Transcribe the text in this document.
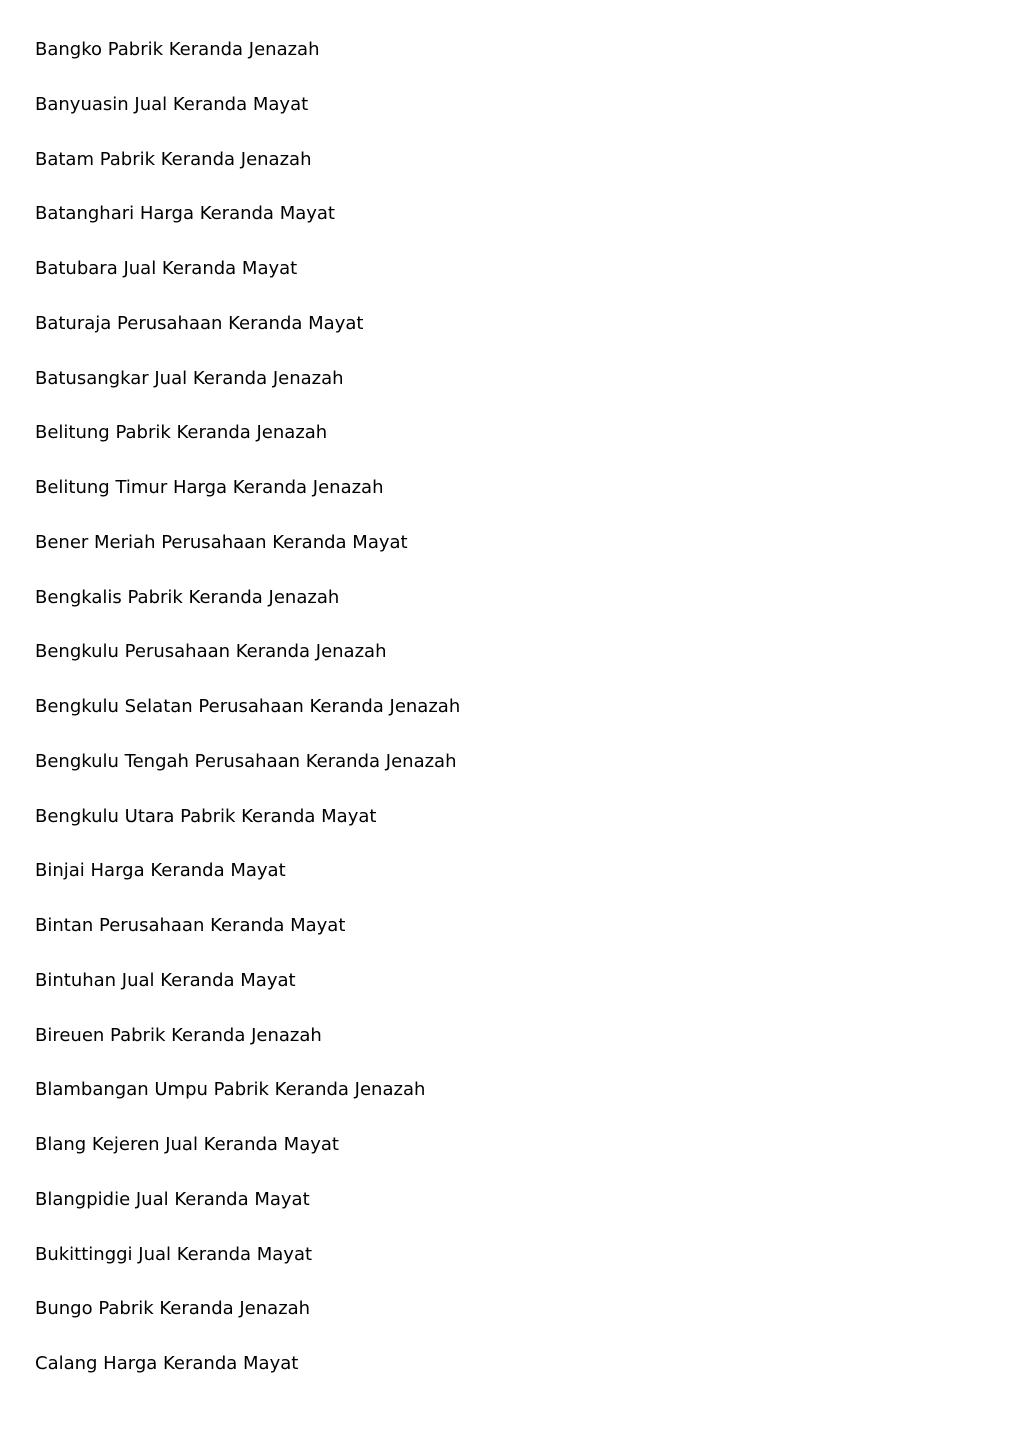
Bangko Pabrik Keranda Jenazah
Banyuasin Jual Keranda Mayat
Batam Pabrik Keranda Jenazah
Batanghari Harga Keranda Mayat
Batubara Jual Keranda Mayat
Baturaja Perusahaan Keranda Mayat
Batusangkar Jual Keranda Jenazah
Belitung Pabrik Keranda Jenazah
Belitung Timur Harga Keranda Jenazah
Bener Meriah Perusahaan Keranda Mayat
Bengkalis Pabrik Keranda Jenazah
Bengkulu Perusahaan Keranda Jenazah
Bengkulu Selatan Perusahaan Keranda Jenazah
Bengkulu Tengah Perusahaan Keranda Jenazah
Bengkulu Utara Pabrik Keranda Mayat
Binjai Harga Keranda Mayat
Bintan Perusahaan Keranda Mayat
Bintuhan Jual Keranda Mayat
Bireuen Pabrik Keranda Jenazah
Blambangan Umpu Pabrik Keranda Jenazah
Blang Kejeren Jual Keranda Mayat
Blangpidie Jual Keranda Mayat
Bukittinggi Jual Keranda Mayat
Bungo Pabrik Keranda Jenazah
Calang Harga Keranda Mayat
